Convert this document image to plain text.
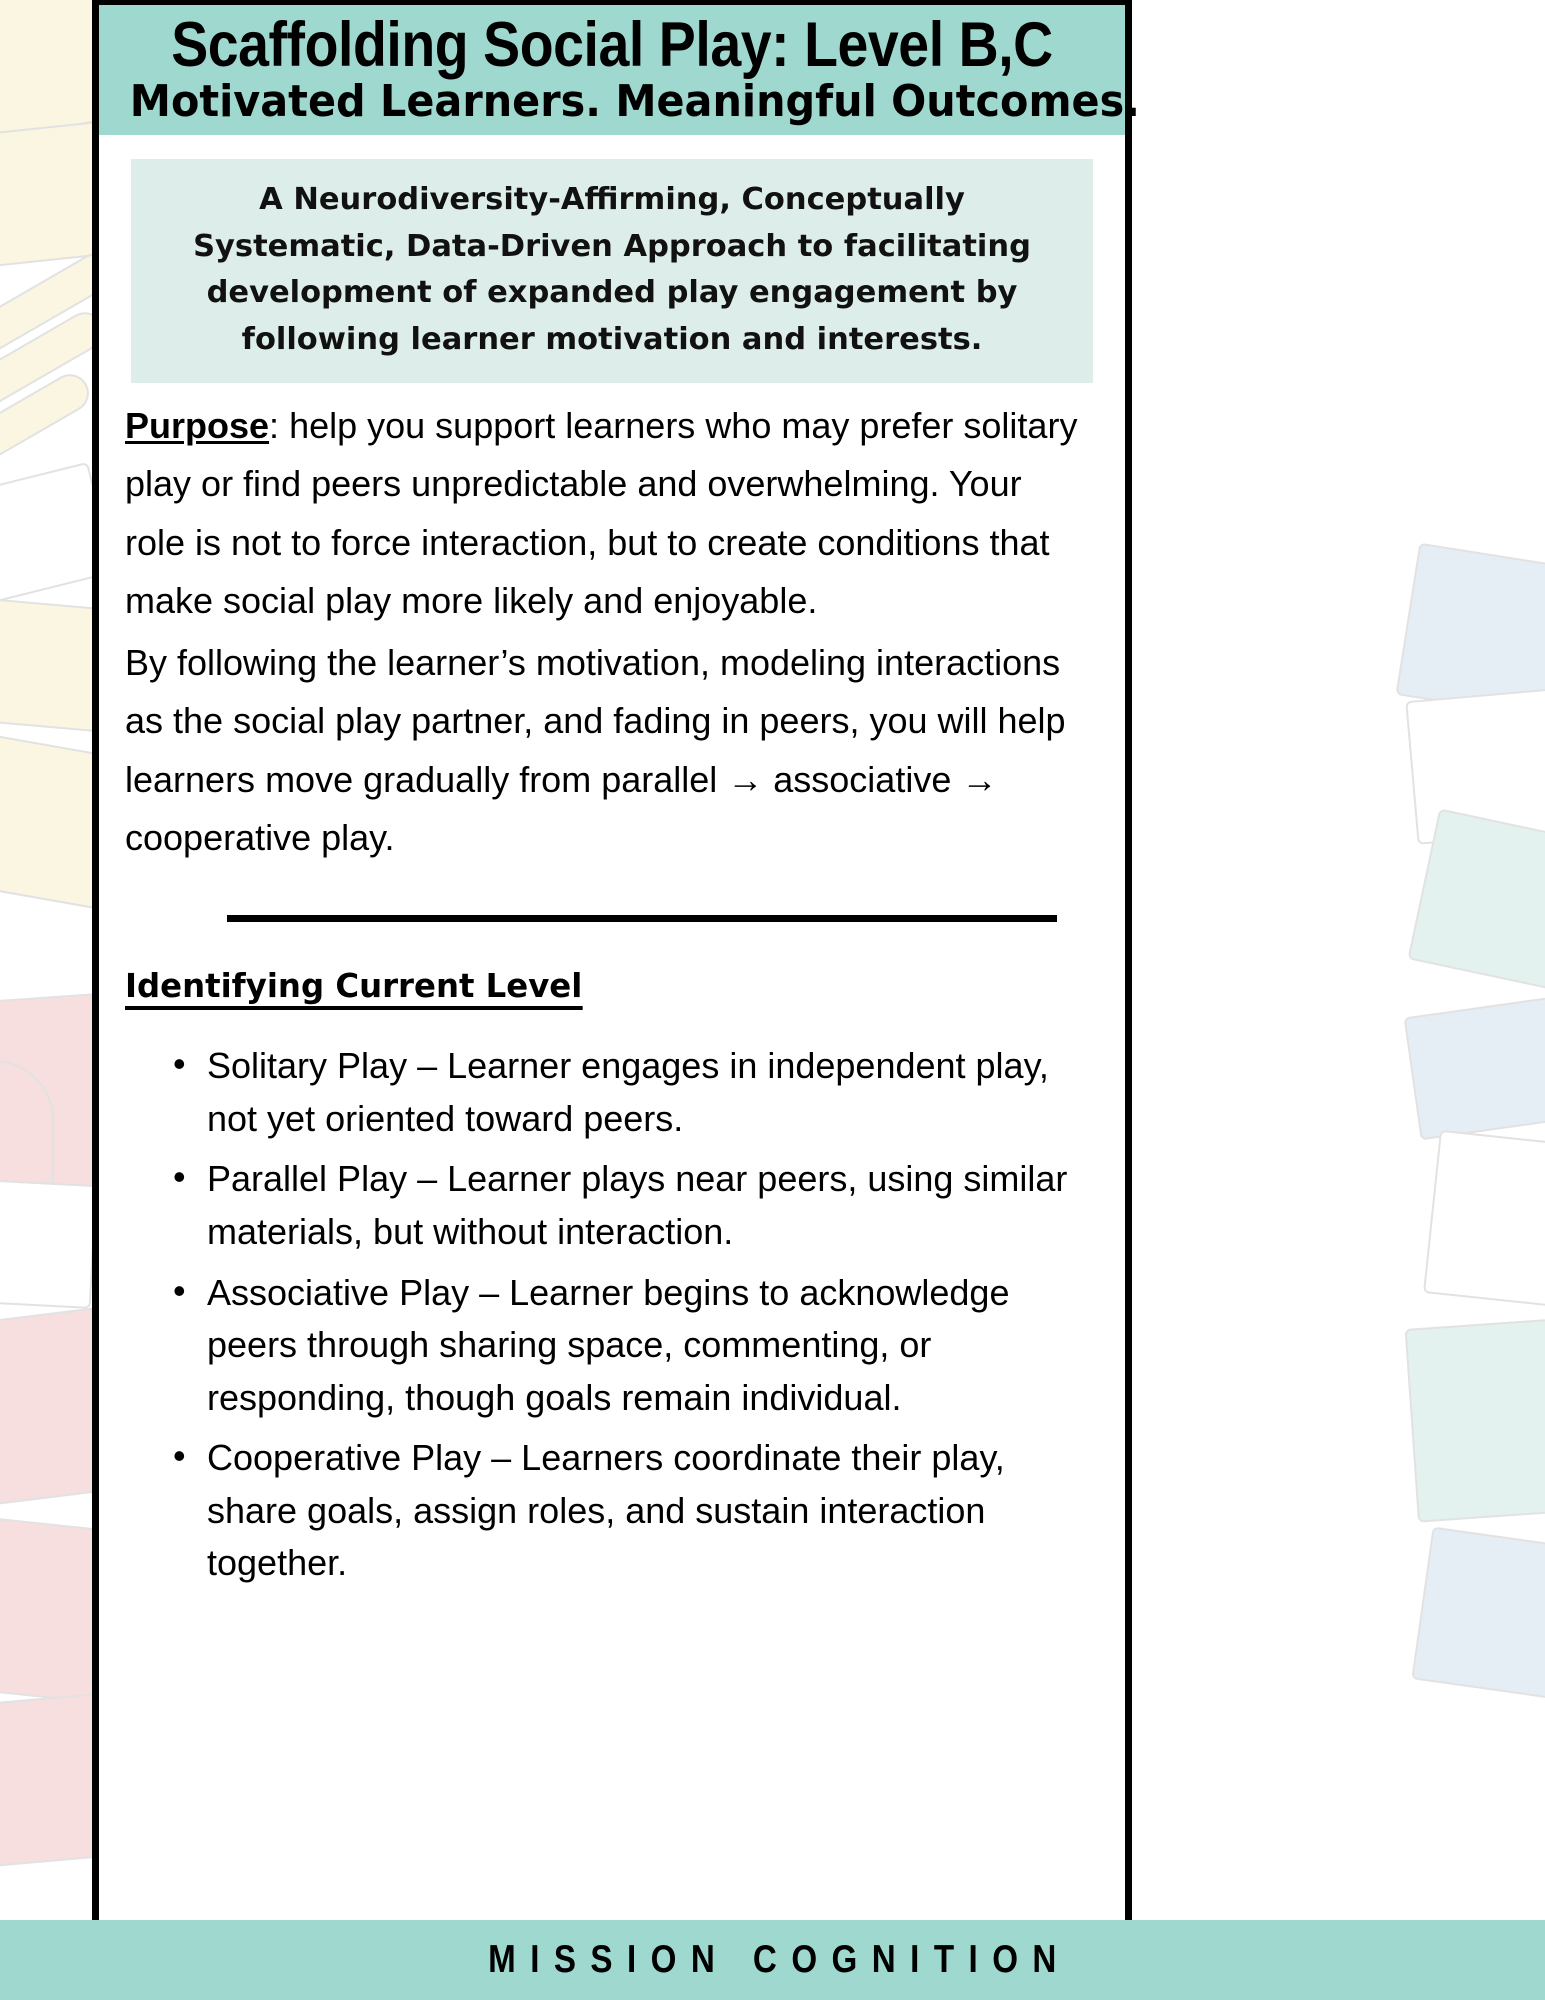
Scaffolding Social Play: Level B,C
Motivated Learners. Meaningful Outcomes.
A Neurodiversity-Affirming, Conceptually Systematic, Data-Driven Approach to facilitating development of expanded play engagement by following learner motivation and interests.

Purpose: help you support learners who may prefer solitary play or find peers unpredictable and overwhelming. Your role is not to force interaction, but to create conditions that make social play more likely and enjoyable.

By following the learner’s motivation, modeling interactions as the social play partner, and fading in peers, you will help learners move gradually from parallel → associative → cooperative play.

Identifying Current Level
• Solitary Play – Learner engages in independent play, not yet oriented toward peers.
• Parallel Play – Learner plays near peers, using similar materials, but without interaction.
• Associative Play – Learner begins to acknowledge peers through sharing space, commenting, or responding, though goals remain individual.
• Cooperative Play – Learners coordinate their play, share goals, assign roles, and sustain interaction together.
MISSION COGNITION
